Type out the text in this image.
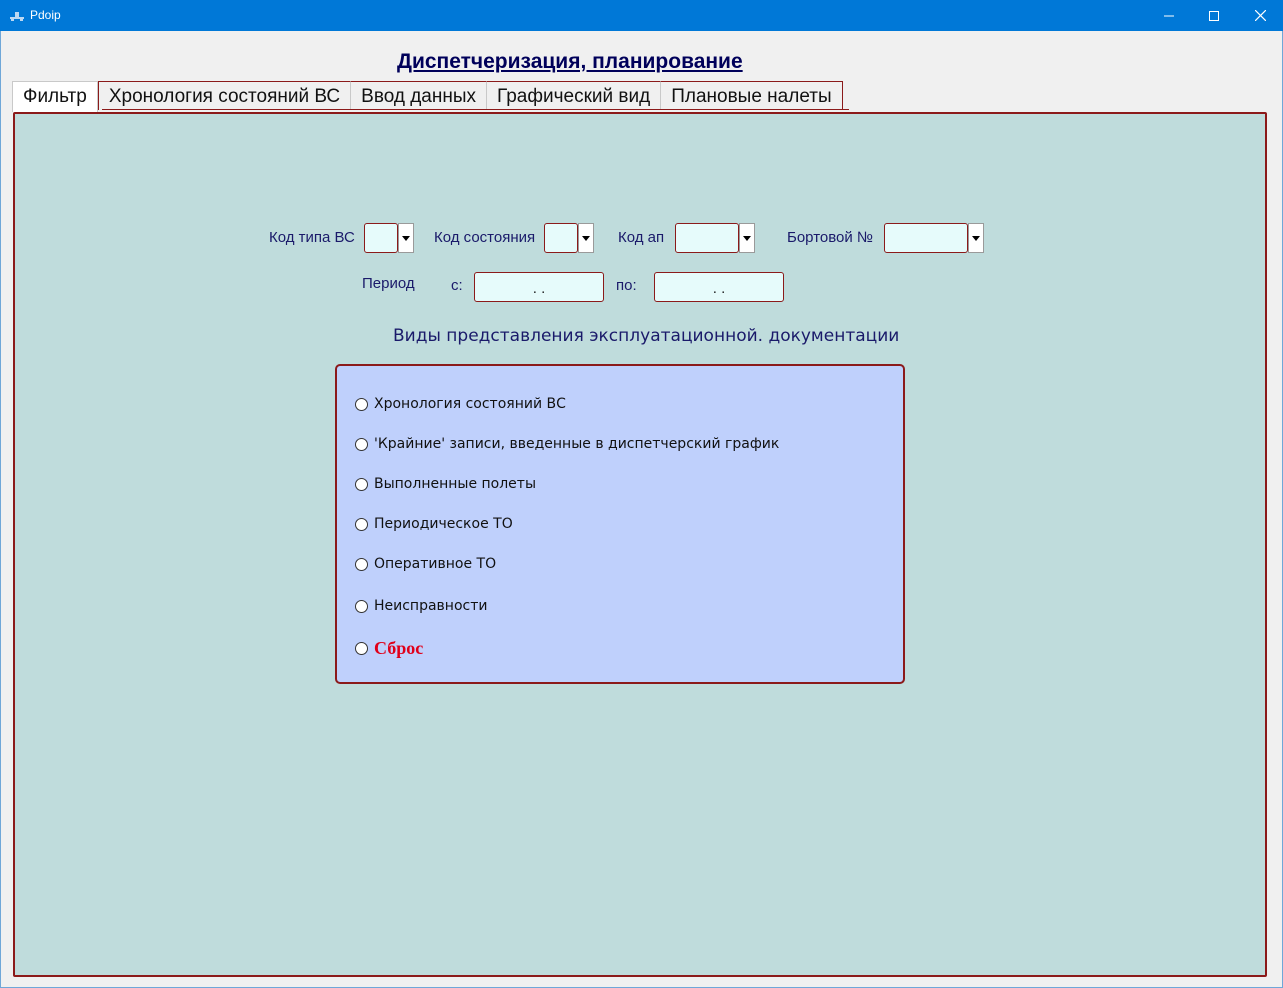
Pdoip
Диспетчеризация, планирование
Фильтр	Хронология состояний ВС	Ввод данных	Графический вид	Плановые налеты
Код типа ВС	Код состояния	Код ап	Бортовой №
Период с:	. .	по:	. .
Виды представления эксплуатационной. документации
Хронология состояний ВС
'Крайние' записи, введенные в диспетчерский график
Выполненные полеты
Периодическое ТО
Оперативное ТО
Неисправности
Сброс
